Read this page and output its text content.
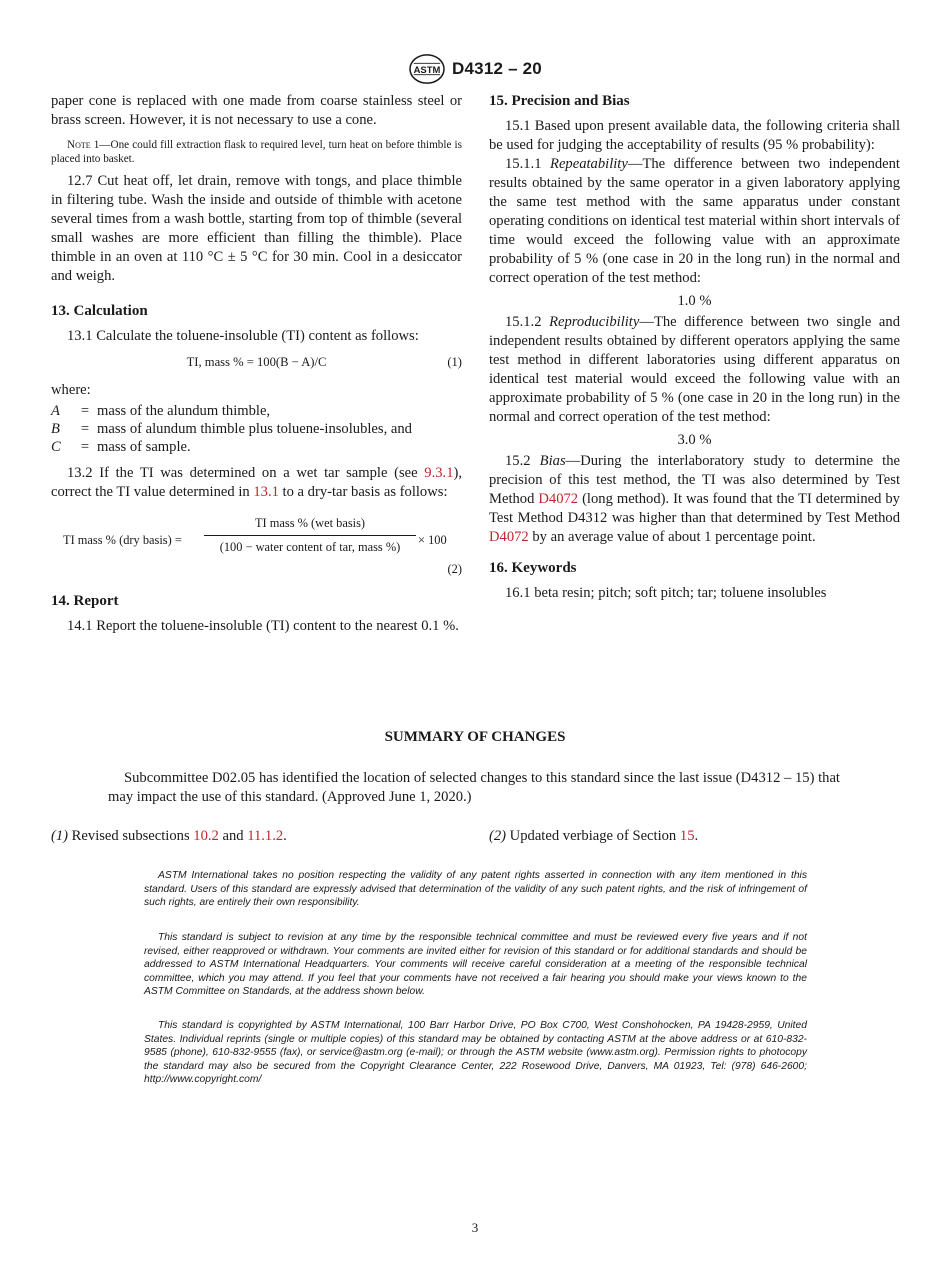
ASTM D4312 – 20

paper cone is replaced with one made from coarse stainless steel or brass screen. However, it is not necessary to use a cone.

Note 1—One could fill extraction flask to required level, turn heat on before thimble is placed into basket.

12.7 Cut heat off, let drain, remove with tongs, and place thimble in filtering tube. Wash the inside and outside of thimble with acetone several times from a wash bottle, starting from top of thimble (several small washes are more efficient than filling the thimble). Place thimble in an oven at 110 °C ± 5 °C for 30 min. Cool in a desiccator and weigh.

13. Calculation

13.1 Calculate the toluene-insoluble (TI) content as follows:

TI, mass % = 100(B − A)/C	(1)

where:

A	= mass of the alundum thimble,
B	= mass of alundum thimble plus toluene-insolubles, and
C	= mass of sample.

13.2 If the TI was determined on a wet tar sample (see 9.3.1), correct the TI value determined in 13.1 to a dry-tar basis as follows:

TI mass % (dry basis) =
TI mass % (wet basis)
(100 − water content of tar, mass %)	× 100
(2)
14. Report

14.1 Report the toluene-insoluble (TI) content to the nearest 0.1 %.

15. Precision and Bias

15.1 Based upon present available data, the following criteria shall be used for judging the acceptability of results (95 % probability):

15.1.1 Repeatability—The difference between two independent results obtained by the same operator in a given laboratory applying the same test method with the same apparatus under constant operating conditions on identical test material within short intervals of time would exceed the following value with an approximate probability of 5 % (one case in 20 in the long run) in the normal and correct operation of the test method:

1.0 %

15.1.2 Reproducibility—The difference between two single and independent results obtained by different operators applying the same test method in different laboratories using different apparatus on identical test material would exceed the following value with an approximate probability of 5 % (one case in 20 in the long run) in the normal and correct operation of the test method:

3.0 %

15.2 Bias—During the interlaboratory study to determine the precision of this test method, the TI was also determined by Test Method D4072 (long method). It was found that the TI determined by Test Method D4312 was higher than that determined by Test Method D4072 by an average value of about 1 percentage point.

16. Keywords

16.1 beta resin; pitch; soft pitch; tar; toluene insolubles

SUMMARY OF CHANGES

Subcommittee D02.05 has identified the location of selected changes to this standard since the last issue (D4312 – 15) that may impact the use of this standard. (Approved June 1, 2020.)

(1) Revised subsections 10.2 and 11.1.2.	(2) Updated verbiage of Section 15.

ASTM International takes no position respecting the validity of any patent rights asserted in connection with any item mentioned in this standard. Users of this standard are expressly advised that determination of the validity of any such patent rights, and the risk of infringement of such rights, are entirely their own responsibility.

This standard is subject to revision at any time by the responsible technical committee and must be reviewed every five years and if not revised, either reapproved or withdrawn. Your comments are invited either for revision of this standard or for additional standards and should be addressed to ASTM International Headquarters. Your comments will receive careful consideration at a meeting of the responsible technical committee, which you may attend. If you feel that your comments have not received a fair hearing you should make your views known to the ASTM Committee on Standards, at the address shown below.

This standard is copyrighted by ASTM International, 100 Barr Harbor Drive, PO Box C700, West Conshohocken, PA 19428-2959, United States. Individual reprints (single or multiple copies) of this standard may be obtained by contacting ASTM at the above address or at 610-832-9585 (phone), 610-832-9555 (fax), or service@astm.org (e-mail); or through the ASTM website (www.astm.org). Permission rights to photocopy the standard may also be secured from the Copyright Clearance Center, 222 Rosewood Drive, Danvers, MA 01923, Tel: (978) 646-2600; http://www.copyright.com/

3
